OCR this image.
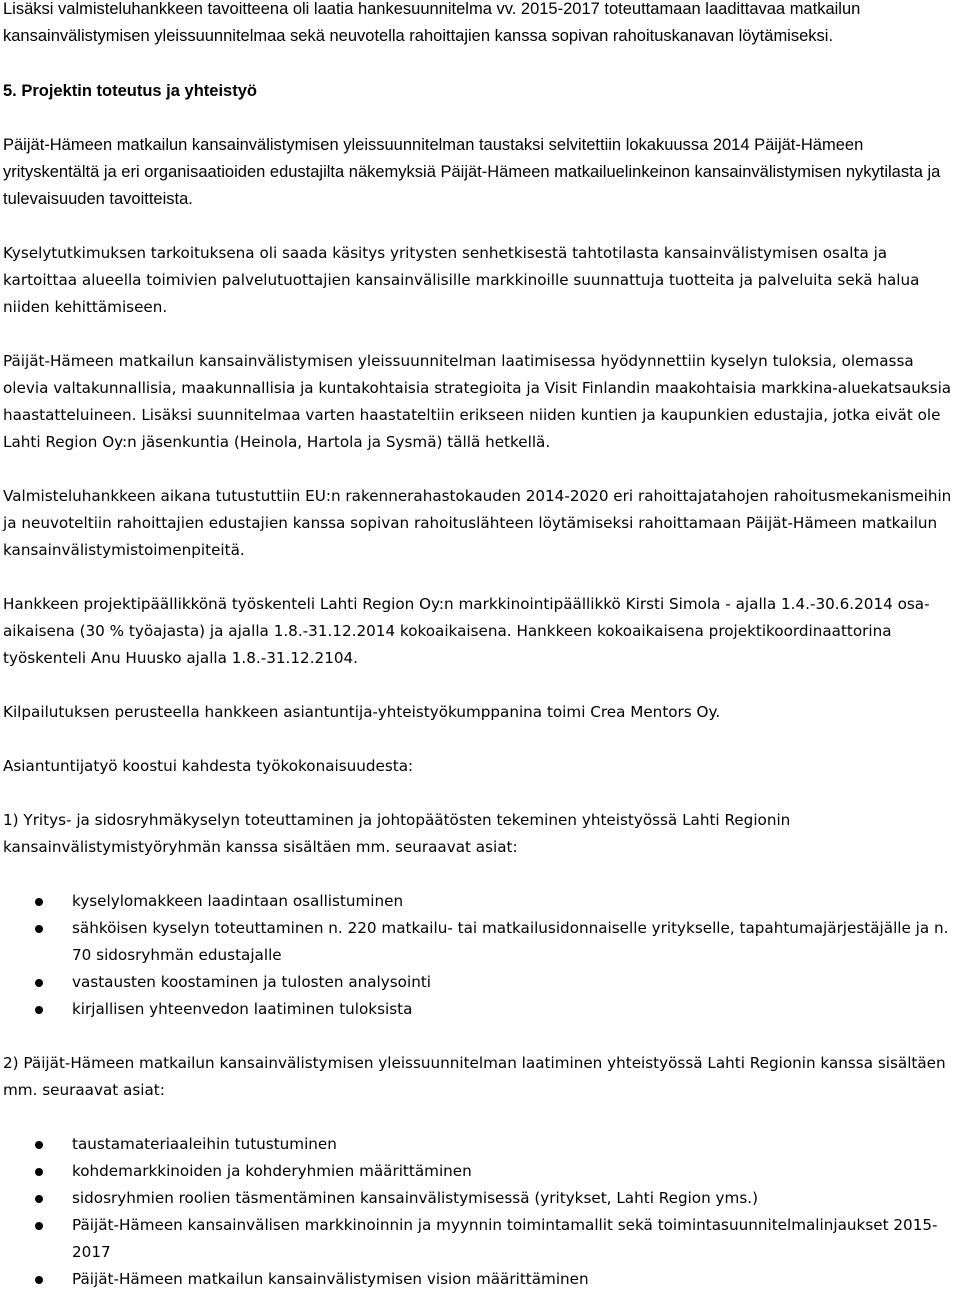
Lisäksi valmisteluhankkeen tavoitteena oli laatia hankesuunnitelma vv. 2015-2017 toteuttamaan laadittavaa matkailun kansainvälistymisen yleissuunnitelmaa sekä neuvotella rahoittajien kanssa sopivan rahoituskanavan löytämiseksi.

5. Projektin toteutus ja yhteistyö

Päijät-Hämeen matkailun kansainvälistymisen yleissuunnitelman taustaksi selvitettiin lokakuussa 2014 Päijät-Hämeen yrityskentältä ja eri organisaatioiden edustajilta näkemyksiä Päijät-Hämeen matkailuelinkeinon kansainvälistymisen nykytilasta ja tulevaisuuden tavoitteista.

Kyselytutkimuksen tarkoituksena oli saada käsitys yritysten senhetkisestä tahtotilasta kansainvälistymisen osalta ja kartoittaa alueella toimivien palvelutuottajien kansainvälisille markkinoille suunnattuja tuotteita ja palveluita sekä halua niiden kehittämiseen.

Päijät-Hämeen matkailun kansainvälistymisen yleissuunnitelman laatimisessa hyödynnettiin kyselyn tuloksia, olemassa olevia valtakunnallisia, maakunnallisia ja kuntakohtaisia strategioita ja Visit Finlandin maakohtaisia markkina-aluekatsauksia haastatteluineen. Lisäksi suunnitelmaa varten haastateltiin erikseen niiden kuntien ja kaupunkien edustajia, jotka eivät ole Lahti Region Oy:n jäsenkuntia (Heinola, Hartola ja Sysmä) tällä hetkellä.

Valmisteluhankkeen aikana tutustuttiin EU:n rakennerahastokauden 2014-2020 eri rahoittajatahojen rahoitusmekanismeihin ja neuvoteltiin rahoittajien edustajien kanssa sopivan rahoituslähteen löytämiseksi rahoittamaan Päijät-Hämeen matkailun kansainvälistymistoimenpiteitä.

Hankkeen projektipäällikkönä työskenteli Lahti Region Oy:n markkinointipäällikkö Kirsti Simola - ajalla 1.4.-30.6.2014 osa-aikaisena (30 % työajasta) ja ajalla 1.8.-31.12.2014 kokoaikaisena. Hankkeen kokoaikaisena projektikoordinaattorina työskenteli Anu Huusko ajalla 1.8.-31.12.2104.

Kilpailutuksen perusteella hankkeen asiantuntija-yhteistyökumppanina toimi Crea Mentors Oy.

Asiantuntijatyö koostui kahdesta työkokonaisuudesta:

1) Yritys- ja sidosryhmäkyselyn toteuttaminen ja johtopäätösten tekeminen yhteistyössä Lahti Regionin kansainvälistymistyöryhmän kanssa sisältäen mm. seuraavat asiat:

kyselylomakkeen laadintaan osallistuminen
sähköisen kyselyn toteuttaminen n. 220 matkailu- tai matkailusidonnaiselle yritykselle, tapahtumajärjestäjälle ja n. 70 sidosryhmän edustajalle
vastausten koostaminen ja tulosten analysointi
kirjallisen yhteenvedon laatiminen tuloksista

2) Päijät-Hämeen matkailun kansainvälistymisen yleissuunnitelman laatiminen yhteistyössä Lahti Regionin kanssa sisältäen mm. seuraavat asiat:

taustamateriaaleihin tutustuminen
kohdemarkkinoiden ja kohderyhmien määrittäminen
sidosryhmien roolien täsmentäminen kansainvälistymisessä (yritykset, Lahti Region yms.)
Päijät-Hämeen kansainvälisen markkinoinnin ja myynnin toimintamallit sekä toimintasuunnitelmalinjaukset 2015-2017
Päijät-Hämeen matkailun kansainvälistymisen vision määrittäminen
